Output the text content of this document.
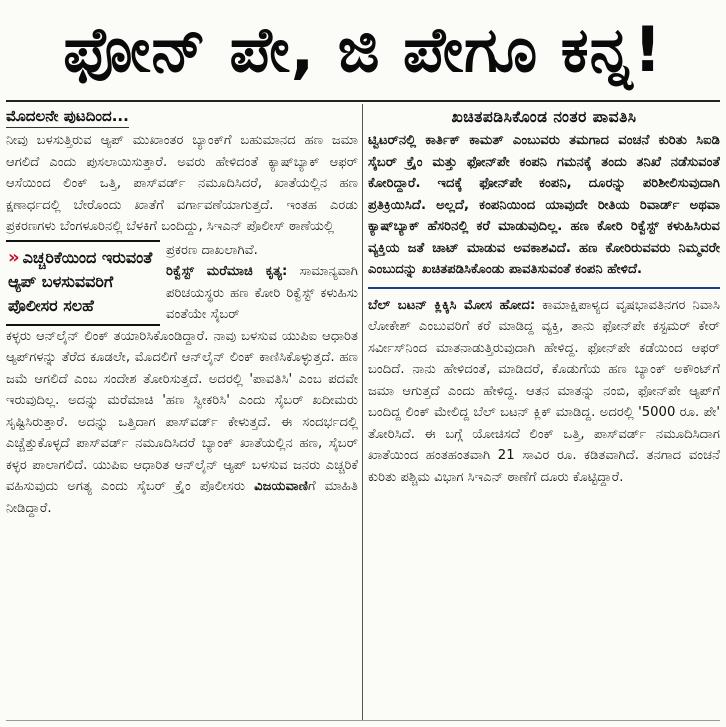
ಫೋನ್ ಪೇ, ಜಿ ಪೇಗೂ ಕನ್ನ!
ಮೊದಲನೇ ಪುಟದಿಂದ...

ನೀವು ಬಳಸುತ್ತಿರುವ ಆ್ಯಪ್ ಮುಖಾಂತರ ಬ್ಯಾಂಕ್‌ಗೆ ಬಹುಮಾನದ ಹಣ ಜಮಾ ಆಗಲಿದೆ ಎಂದು ಪುಸಲಾಯಿಸುತ್ತಾರೆ. ಅವರು ಹೇಳಿದಂತೆ ಕ್ಯಾಷ್‌ಬ್ಯಾಕ್ ಆಫರ್ ಆಸೆಯಿಂದ ಲಿಂಕ್ ಒತ್ತಿ, ಪಾಸ್‌ವರ್ಡ್ ನಮೂದಿಸಿದರೆ, ಖಾತೆಯಲ್ಲಿನ ಹಣ ಕ್ಷಣಾರ್ಧದಲ್ಲಿ ಬೇರೊಂದು ಖಾತೆಗೆ ವರ್ಗಾವಣೆಯಾಗುತ್ತದೆ. ಇಂತಹ ಎರಡು ಪ್ರಕರಣಗಳು ಬೆಂಗಳೂರಿನಲ್ಲಿ ಬೆಳಕಿಗೆ ಬಂದಿದ್ದು, ಸಿಇಎನ್ ಪೊಲೀಸ್ ಠಾಣೆಯಲ್ಲಿ

» ಎಚ್ಚರಿಕೆಯಿಂದ ಇರುವಂತೆ ಆ್ಯಪ್ ಬಳಸುವವರಿಗೆ ಪೊಲೀಸರ ಸಲಹೆ

ಪ್ರಕರಣ ದಾಖಲಾಗಿವೆ.

ರಿಕ್ವೆಸ್ಟ್ ಮರೆಮಾಚಿ ಕೃತ್ಯ: ಸಾಮಾನ್ಯವಾಗಿ ಪರಿಚಯಸ್ಥರು ಹಣ ಕೋರಿ ರಿಕ್ವೆಸ್ಟ್ ಕಳುಹಿಸು ವಂತೆಯೇ ಸೈಬರ್

ಕಳ್ಳರು ಆನ್‌ಲೈನ್ ಲಿಂಕ್ ತಯಾರಿಸಿಕೊಂಡಿದ್ದಾರೆ. ನಾವು ಬಳಸುವ ಯುಪಿಐ ಆಧಾರಿತ ಆ್ಯಪ್‌ಗಳನ್ನು ತೆರೆದ ಕೂಡಲೇ, ಮೊದಲಿಗೆ ಆನ್‌ಲೈನ್ ಲಿಂಕ್ ಕಾಣಿಸಿಕೊಳ್ಳುತ್ತದೆ. ಹಣ ಜಮೆ ಆಗಲಿದೆ ಎಂಬ ಸಂದೇಶ ತೋರಿಸುತ್ತದೆ. ಅದರಲ್ಲಿ 'ಪಾವತಿಸಿ' ಎಂಬ ಪದವೇ ಇರುವುದಿಲ್ಲ. ಅದನ್ನು ಮರೆಮಾಚಿ 'ಹಣ ಸ್ವೀಕರಿಸಿ' ಎಂದು ಸೈಬರ್ ಖದೀಮರು ಸೃಷ್ಟಿಸಿರುತ್ತಾರೆ. ಅದನ್ನು ಒತ್ತಿದಾಗ ಪಾಸ್‌ವರ್ಡ್ ಕೇಳುತ್ತದೆ. ಈ ಸಂದರ್ಭದಲ್ಲಿ ಎಚ್ಚೆತ್ತುಕೊಳ್ಳದೆ ಪಾಸ್‌ವರ್ಡ್ ನಮೂದಿಸಿದರೆ ಬ್ಯಾಂಕ್ ಖಾತೆಯಲ್ಲಿನ ಹಣ, ಸೈಬರ್ ಕಳ್ಳರ ಪಾಲಾಗಲಿದೆ. ಯುಪಿಐ ಆಧಾರಿತ ಆನ್‌ಲೈನ್ ಆ್ಯಪ್ ಬಳಸುವ ಜನರು ಎಚ್ಚರಿಕೆ ವಹಿಸುವುದು ಅಗತ್ಯ ಎಂದು ಸೈಬರ್ ಕ್ರೈಂ ಪೊಲೀಸರು ವಿಜಯವಾಣಿಗೆ ಮಾಹಿತಿ ನೀಡಿದ್ದಾರೆ.

ಖಚಿತಪಡಿಸಿಕೊಂಡ ನಂತರ ಪಾವತಿಸಿ

ಟ್ವಿಟರ್‌ನಲ್ಲಿ ಕಾರ್ತಿಕ್ ಕಾಮತ್ ಎಂಬುವರು ತಮಗಾದ ವಂಚನೆ ಕುರಿತು ಸಿಐಡಿ ಸೈಬರ್ ಕ್ರೈಂ ಮತ್ತು ಫೋನ್‌ಪೇ ಕಂಪನಿ ಗಮನಕ್ಕೆ ತಂದು ತನಿಖೆ ನಡೆಸುವಂತೆ ಕೋರಿದ್ದಾರೆ. ಇದಕ್ಕೆ ಫೋನ್‌ಪೇ ಕಂಪನಿ, ದೂರನ್ನು ಪರಿಶೀಲಿಸುವುದಾಗಿ ಪ್ರತಿಕ್ರಿಯಿಸಿದೆ. ಅಲ್ಲದೆ, ಕಂಪನಿಯಿಂದ ಯಾವುದೇ ರೀತಿಯ ರಿವಾರ್ಡ್ ಅಥವಾ ಕ್ಯಾಷ್‌ಬ್ಯಾಕ್ ಹೆಸರಿನಲ್ಲಿ ಕರೆ ಮಾಡುವುದಿಲ್ಲ. ಹಣ ಕೋರಿ ರಿಕ್ವೆಸ್ಟ್ ಕಳುಹಿಸಿರುವ ವ್ಯಕ್ತಿಯ ಜತೆ ಚಾಟ್ ಮಾಡುವ ಅವಕಾಶವಿದೆ. ಹಣ ಕೋರಿರುವವರು ನಿಮ್ಮವರೇ ಎಂಬುದನ್ನು ಖಚಿತಪಡಿಸಿಕೊಂಡು ಪಾವತಿಸುವಂತೆ ಕಂಪನಿ ಹೇಳಿದೆ.

ಬೆಲ್ ಬಟನ್ ಕ್ಲಿಕ್ಕಿಸಿ ಮೋಸ ಹೋದ: ಕಾಮಾಕ್ಷಿಪಾಳ್ಯದ ವೃಷಭಾವತಿನಗರ ನಿವಾಸಿ ಲೋಕೇಶ್ ಎಂಬುವರಿಗೆ ಕರೆ ಮಾಡಿದ್ದ ವ್ಯಕ್ತಿ, ತಾನು ಫೋನ್‌ಪೇ ಕಸ್ಟಮರ್ ಕೇರ್ ಸರ್ವೀಸ್‌ನಿಂದ ಮಾತನಾಡುತ್ತಿರುವುದಾಗಿ ಹೇಳಿದ್ದ. ಫೋನ್‌ಪೇ ಕಡೆಯಿಂದ ಆಫರ್ ಬಂದಿದೆ. ನಾನು ಹೇಳಿದಂತೆ, ಮಾಡಿದರೆ, ಕೊಡುಗೆಯ ಹಣ ಬ್ಯಾಂಕ್ ಅಕೌಂಟ್‌ಗೆ ಜಮಾ ಆಗುತ್ತದೆ ಎಂದು ಹೇಳಿದ್ದ. ಆತನ ಮಾತನ್ನು ನಂಬಿ, ಫೋನ್‌ಪೇ ಆ್ಯಪ್‌ಗೆ ಬಂದಿದ್ದ ಲಿಂಕ್ ಮೇಲಿದ್ದ ಬೆಲ್ ಬಟನ್ ಕ್ಲಿಕ್ ಮಾಡಿದ್ದ. ಅದರಲ್ಲಿ '5000 ರೂ. ಪೇ' ತೋರಿಸಿದೆ. ಈ ಬಗ್ಗೆ ಯೋಚಿಸದೆ ಲಿಂಕ್ ಒತ್ತಿ, ಪಾಸ್‌ವರ್ಡ್ ನಮೂದಿಸಿದಾಗ ಖಾತೆಯಿಂದ ಹಂತಹಂತವಾಗಿ 21 ಸಾವಿರ ರೂ. ಕಡಿತವಾಗಿದೆ. ತನಗಾದ ವಂಚನೆ ಕುರಿತು ಪಶ್ಚಿಮ ವಿಭಾಗ ಸಿಇಎನ್ ಠಾಣೆಗೆ ದೂರು ಕೊಟ್ಟಿದ್ದಾರೆ.
